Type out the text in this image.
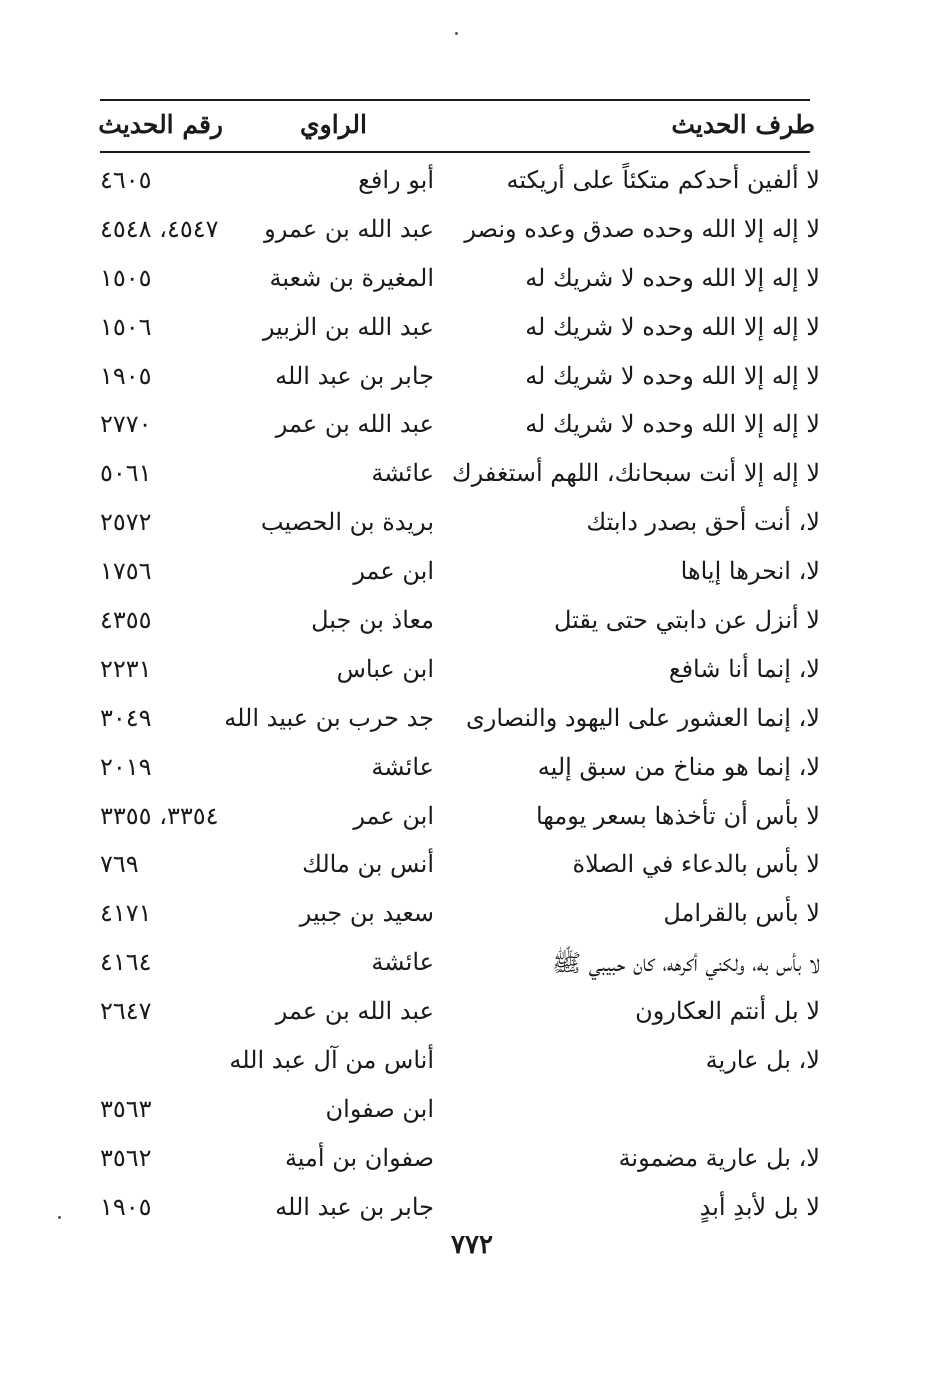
طرف الحديث
الراوي
رقم الحديث
لا ألفين أحدكم متكئاً على أريكته
أبو رافع
٤٦٠٥
لا إله إلا الله وحده صدق وعده ونصر
عبد الله بن عمرو
٤٥٤٧، ٤٥٤٨
لا إله إلا الله وحده لا شريك له
المغيرة بن شعبة
١٥٠٥
لا إله إلا الله وحده لا شريك له
عبد الله بن الزبير
١٥٠٦
لا إله إلا الله وحده لا شريك له
جابر بن عبد الله
١٩٠٥
لا إله إلا الله وحده لا شريك له
عبد الله بن عمر
٢٧٧٠
لا إله إلا أنت سبحانك، اللهم أستغفرك
عائشة
٥٠٦١
لا، أنت أحق بصدر دابتك
بريدة بن الحصيب
٢٥٧٢
لا، انحرها إياها
ابن عمر
١٧٥٦
لا أنزل عن دابتي حتى يقتل
معاذ بن جبل
٤٣٥٥
لا، إنما أنا شافع
ابن عباس
٢٢٣١
لا، إنما العشور على اليهود والنصارى
جد حرب بن عبيد الله
٣٠٤٩
لا، إنما هو مناخ من سبق إليه
عائشة
٢٠١٩
لا بأس أن تأخذها بسعر يومها
ابن عمر
٣٣٥٤، ٣٣٥٥
لا بأس بالدعاء في الصلاة
أنس بن مالك
٧٦٩
لا بأس بالقرامل
سعيد بن جبير
٤١٧١
لا بأس به، ولكني أكرهه، كان حبيبي ﷺ
عائشة
٤١٦٤
لا بل أنتم العكارون
عبد الله بن عمر
٢٦٤٧
لا، بل عارية
أناس من آل عبد الله
ابن صفوان
٣٥٦٣
لا، بل عارية مضمونة
صفوان بن أمية
٣٥٦٢
لا بل لأبدِ أبدٍ
جابر بن عبد الله
١٩٠٥
٧٧٢
